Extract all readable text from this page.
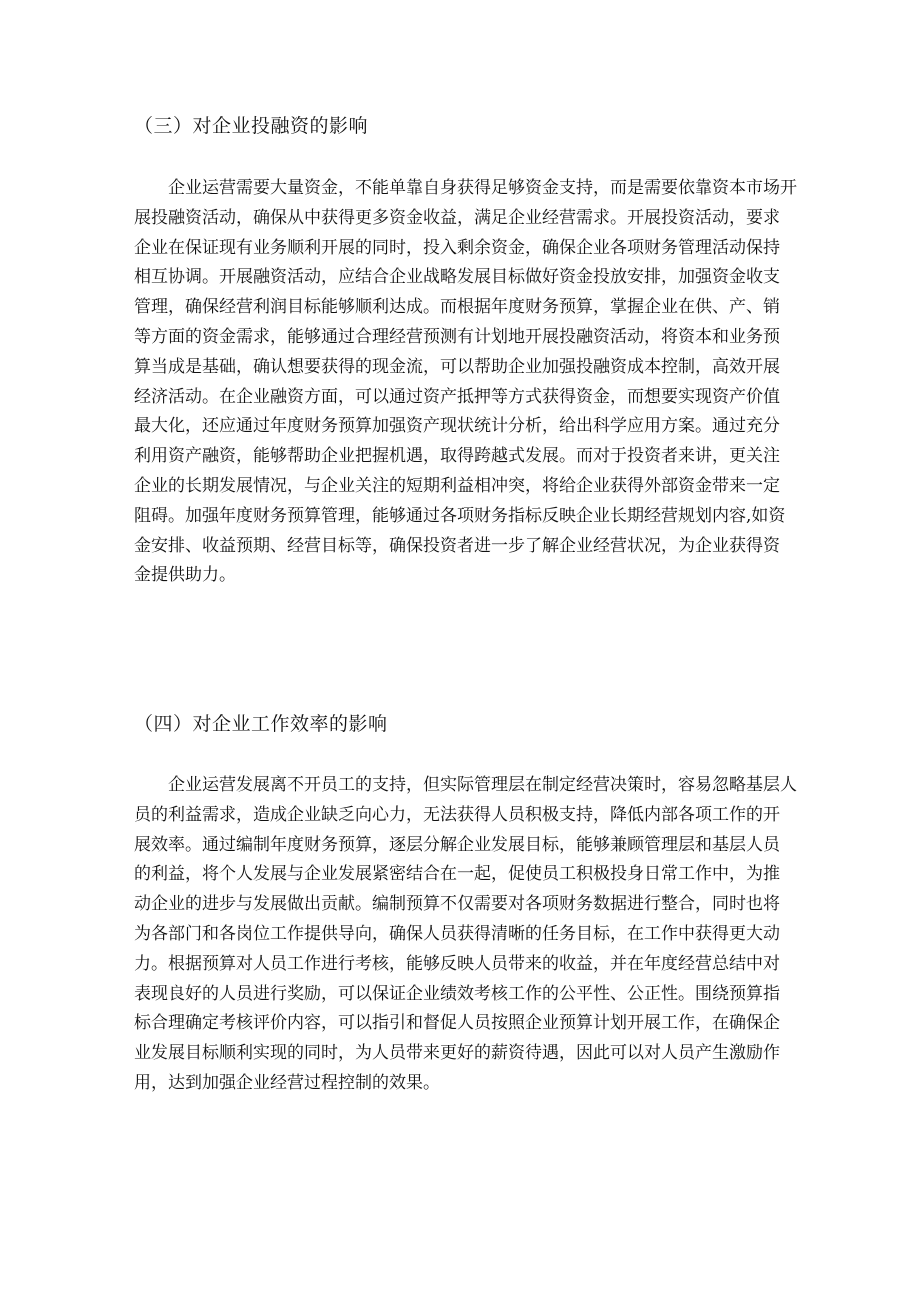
（三）对企业投融资的影响
企业运营需要大量资金，不能单靠自身获得足够资金支持，而是需要依靠资本市场开
展投融资活动，确保从中获得更多资金收益，满足企业经营需求。开展投资活动，要求
企业在保证现有业务顺利开展的同时，投入剩余资金，确保企业各项财务管理活动保持
相互协调。开展融资活动，应结合企业战略发展目标做好资金投放安排，加强资金收支
管理，确保经营利润目标能够顺利达成。而根据年度财务预算，掌握企业在供、产、销
等方面的资金需求，能够通过合理经营预测有计划地开展投融资活动，将资本和业务预
算当成是基础，确认想要获得的现金流，可以帮助企业加强投融资成本控制，高效开展
经济活动。在企业融资方面，可以通过资产抵押等方式获得资金，而想要实现资产价值
最大化，还应通过年度财务预算加强资产现状统计分析，给出科学应用方案。通过充分
利用资产融资，能够帮助企业把握机遇，取得跨越式发展。而对于投资者来讲，更关注
企业的长期发展情况，与企业关注的短期利益相冲突，将给企业获得外部资金带来一定
阻碍。加强年度财务预算管理，能够通过各项财务指标反映企业长期经营规划内容,如资
金安排、收益预期、经营目标等，确保投资者进一步了解企业经营状况，为企业获得资
金提供助力。
（四）对企业工作效率的影响
企业运营发展离不开员工的支持，但实际管理层在制定经营决策时，容易忽略基层人
员的利益需求，造成企业缺乏向心力，无法获得人员积极支持，降低内部各项工作的开
展效率。通过编制年度财务预算，逐层分解企业发展目标，能够兼顾管理层和基层人员
的利益，将个人发展与企业发展紧密结合在一起，促使员工积极投身日常工作中，为推
动企业的进步与发展做出贡献。编制预算不仅需要对各项财务数据进行整合，同时也将
为各部门和各岗位工作提供导向，确保人员获得清晰的任务目标，在工作中获得更大动
力。根据预算对人员工作进行考核，能够反映人员带来的收益，并在年度经营总结中对
表现良好的人员进行奖励，可以保证企业绩效考核工作的公平性、公正性。围绕预算指
标合理确定考核评价内容，可以指引和督促人员按照企业预算计划开展工作，在确保企
业发展目标顺利实现的同时，为人员带来更好的薪资待遇，因此可以对人员产生激励作
用，达到加强企业经营过程控制的效果。
